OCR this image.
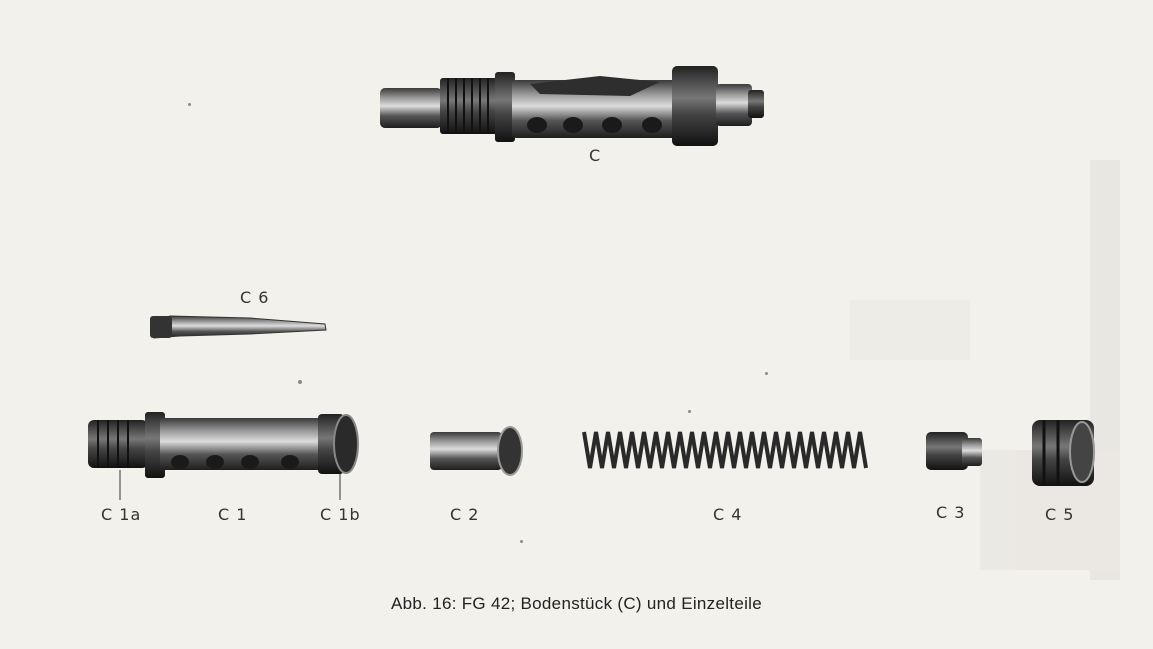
C
C 6
C 1a	C 1	C 1b	C 2	C 4	C 3	C 5
Abb. 16: FG 42; Bodenstück (C) und Einzelteile
